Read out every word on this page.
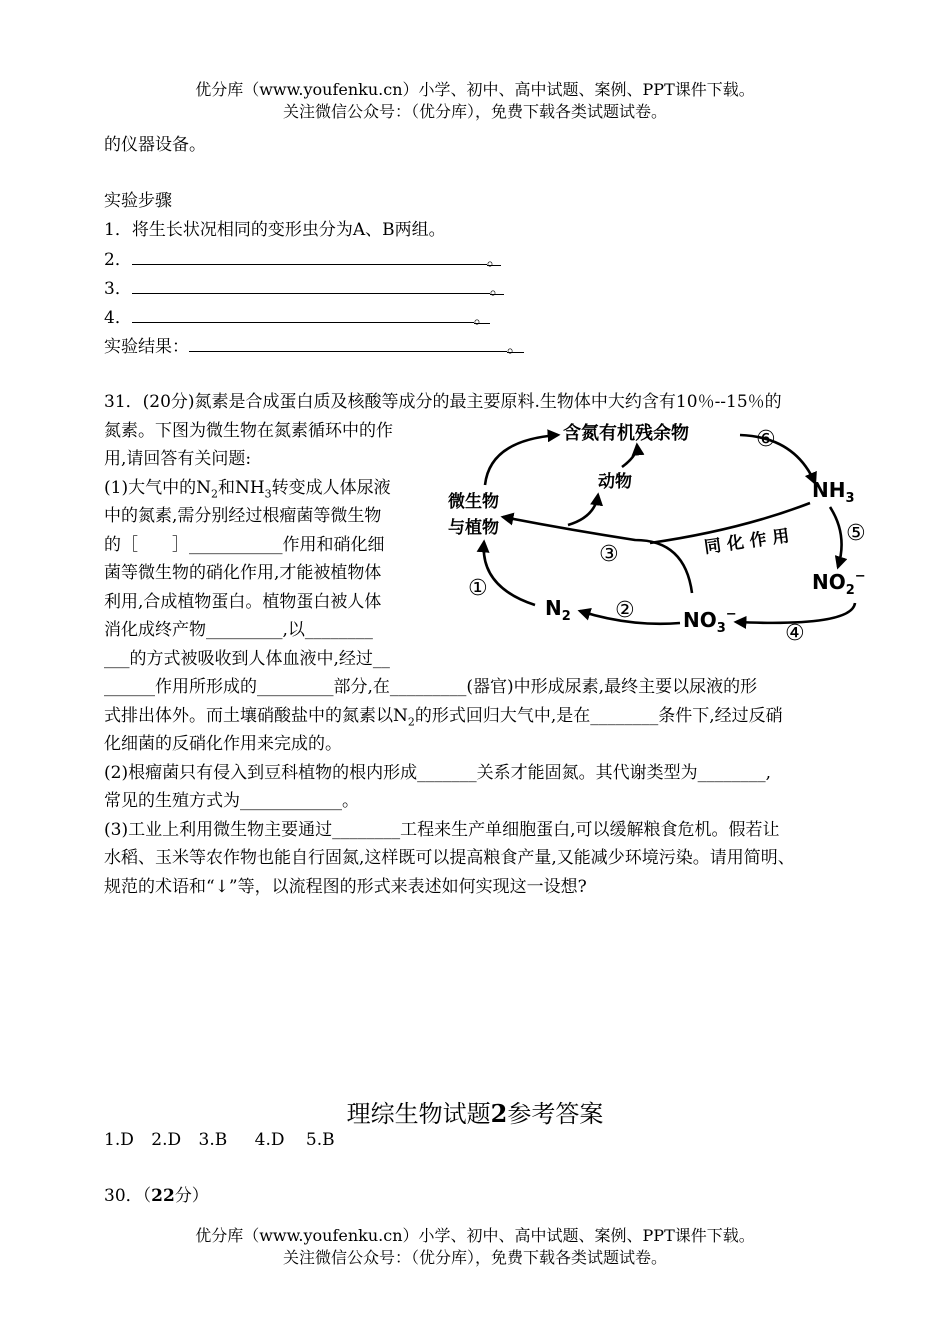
优分库（www.youfenku.cn）小学、初中、高中试题、案例、PPT课件下载。
关注微信公众号：（优分库），免费下载各类试题试卷。
的仪器设备。
实验步骤
1．将生长状况相同的变形虫分为A、B两组。
2．	。
3．	。
4．	。
实验结果：	。
31．(20分)氮素是合成蛋白质及核酸等成分的最主要原料.生物体中大约含有10％--15％的
氮素。下图为微生物在氮素循环中的作
用,请回答有关问题:
(1)大气中的$N_2$和$NH_3$转变成人体尿液
中的氮素,需分别经过根瘤菌等微生物
的［　　］___________作用和硝化细
菌等微生物的硝化作用,才能被植物体
利用,合成植物蛋白。植物蛋白被人体
消化成终产物_________,以________
___的方式被吸收到人体血液中,经过__
______作用所形成的_________部分,在_________(器官)中形成尿素,最终主要以尿液的形
式排出体外。而土壤硝酸盐中的氮素以$N_2$的形式回归大气中,是在________条件下,经过反硝
化细菌的反硝化作用来完成的。
(2)根瘤菌只有侵入到豆科植物的根内形成_______关系才能固氮。其代谢类型为________,
常见的生殖方式为____________。
(3)工业上利用微生物主要通过________工程来生产单细胞蛋白,可以缓解粮食危机。假若让
水稻、玉米等农作物也能自行固氮,这样既可以提高粮食产量,又能减少环境污染。请用简明、
规范的术语和“↓”等，以流程图的形式来表述如何实现这一设想?
含氮有机残余物
动物
微生物
与植物
$NH_3$
$NO_2^-$
$NO_3^-$
$N_2$
同 化 作 用
①
②
③
④
⑤
⑥
理综生物试题2参考答案
1.D 2.D 3.B 4.D 5.B
30．（22分）
优分库（www.youfenku.cn）小学、初中、高中试题、案例、PPT课件下载。
关注微信公众号：（优分库），免费下载各类试题试卷。
